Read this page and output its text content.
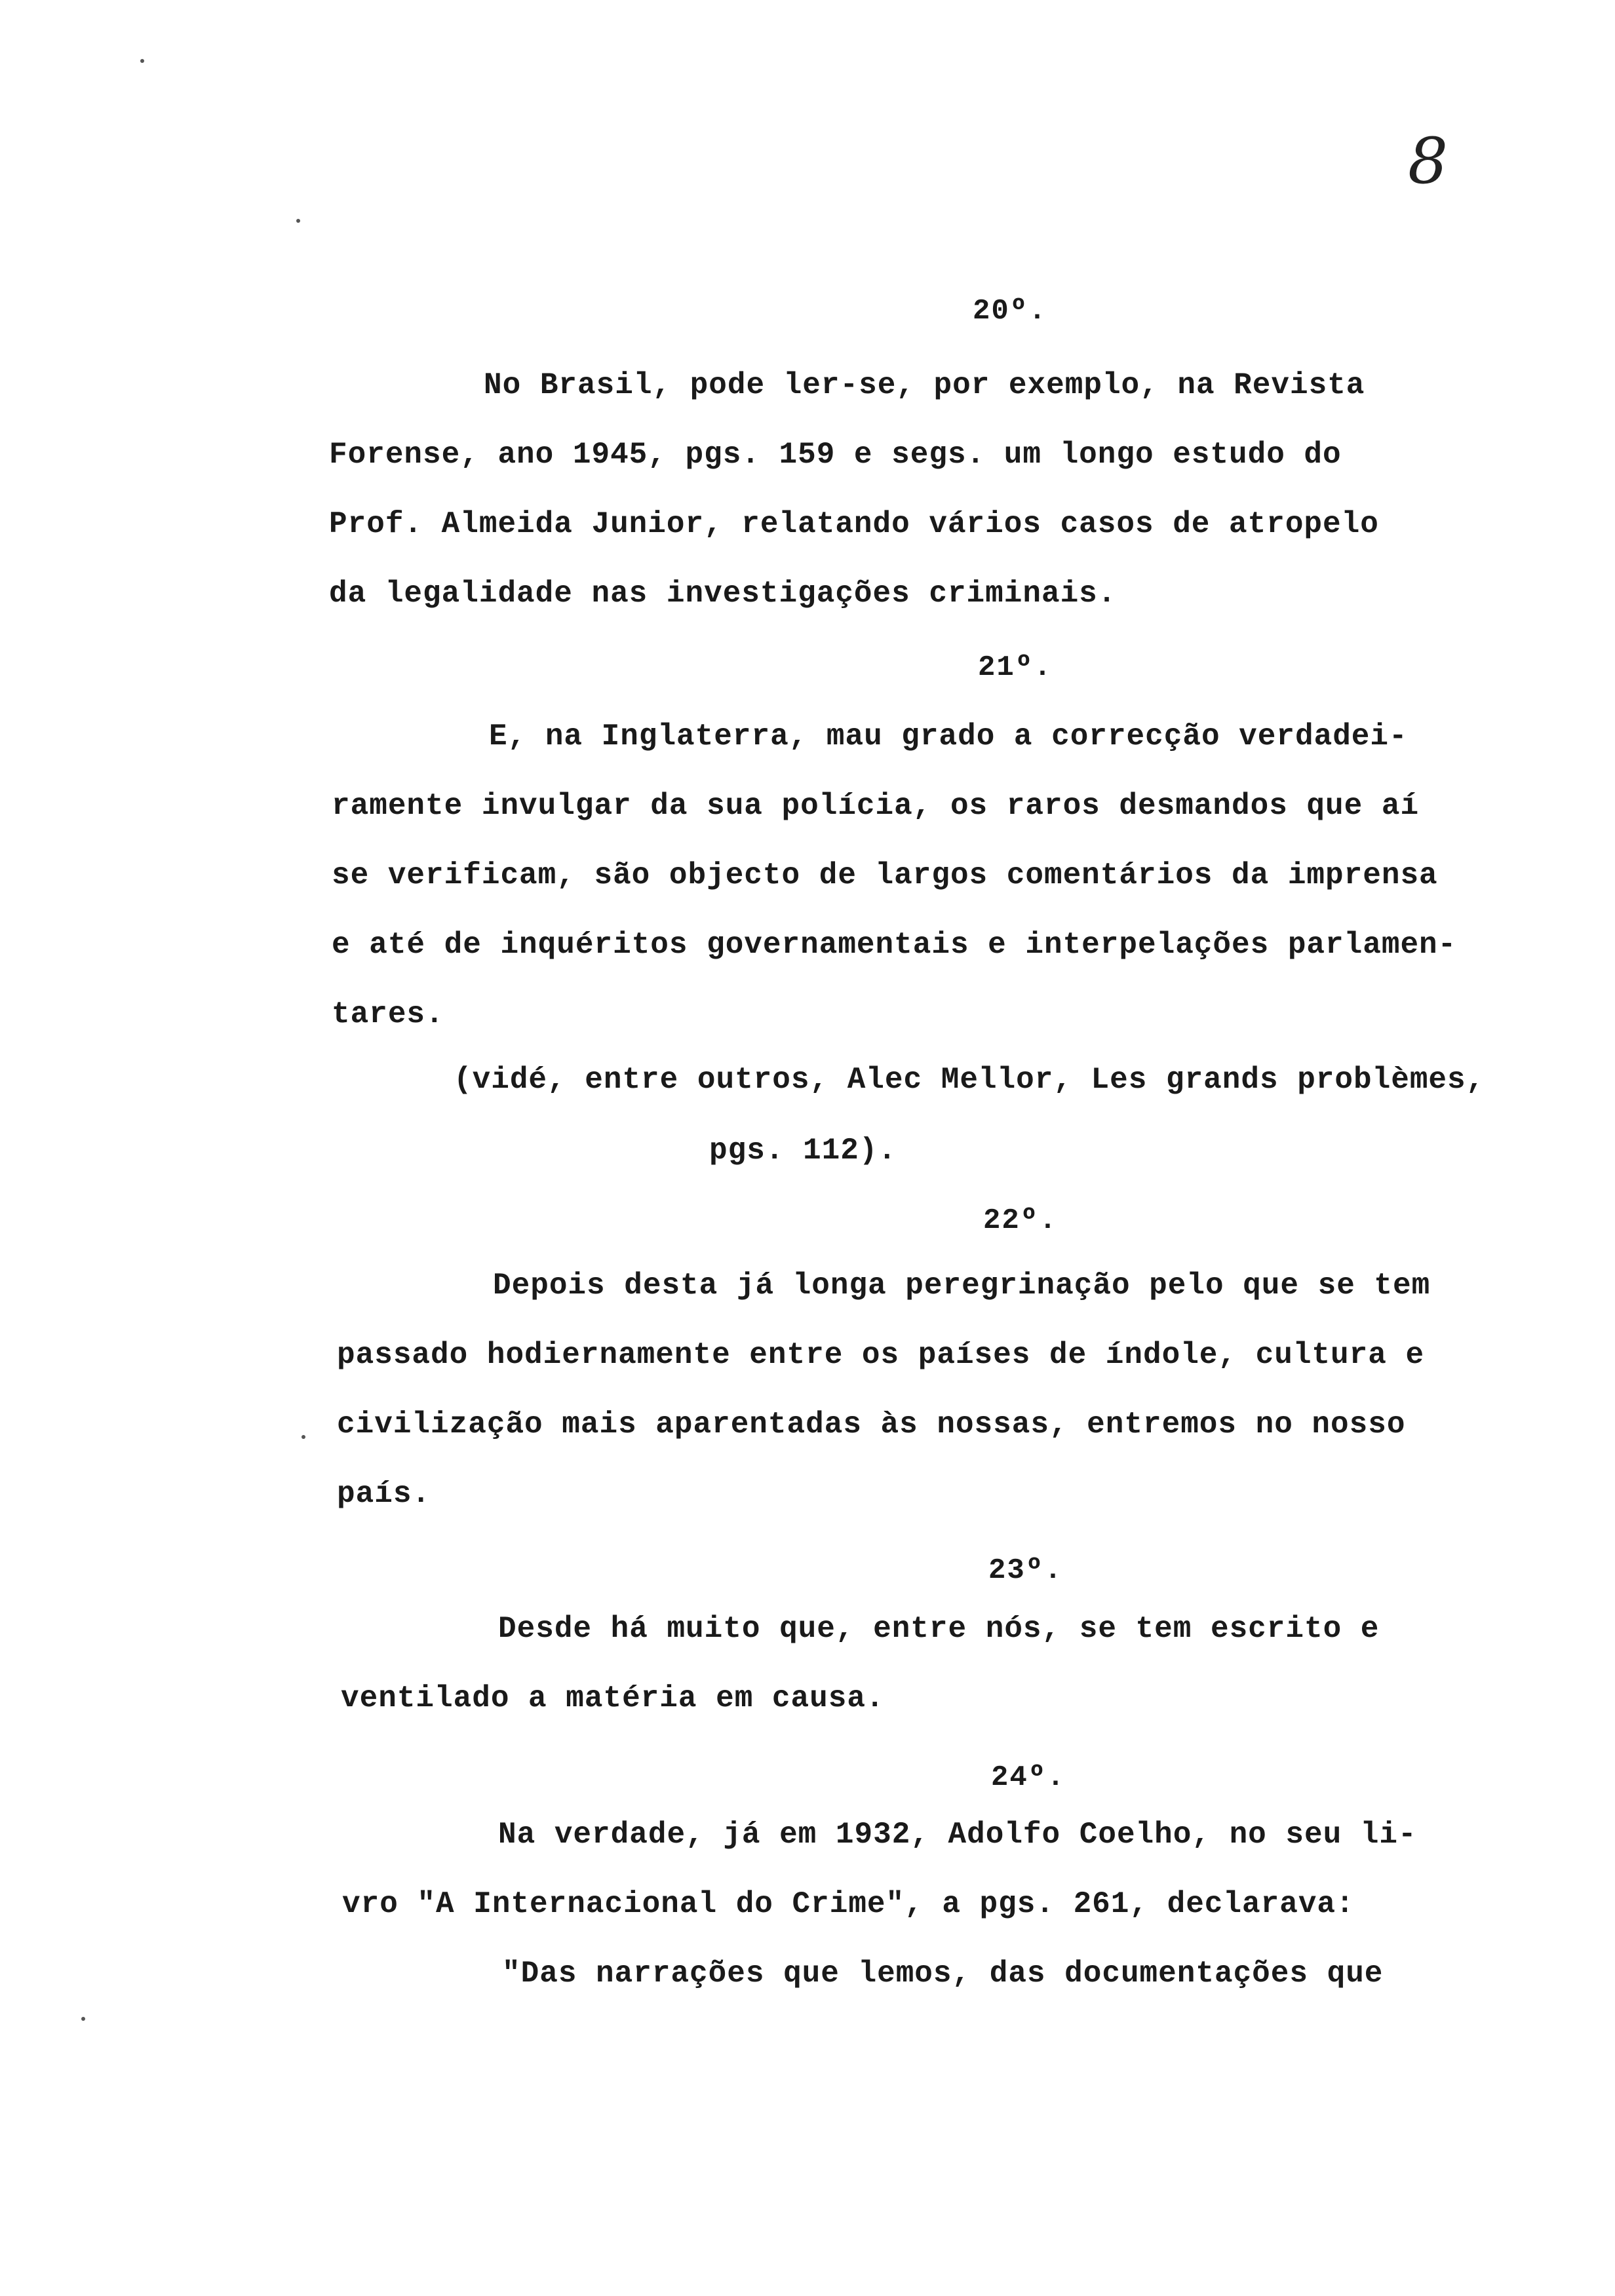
8
20º.
No Brasil, pode ler-se, por exemplo, na Revista
Forense, ano 1945, pgs. 159 e segs. um longo estudo do
Prof. Almeida Junior, relatando vários casos de atropelo
da legalidade nas investigações criminais.
21º.
E, na Inglaterra, mau grado a correcção verdadei-
ramente invulgar da sua polícia, os raros desmandos que aí
se verificam, são objecto de largos comentários da imprensa
e até de inquéritos governamentais e interpelações parlamen-
tares.
(vidé, entre outros, Alec Mellor, Les grands problèmes,
pgs. 112).
22º.
Depois desta já longa peregrinação pelo que se tem
passado hodiernamente entre os países de índole, cultura e
civilização mais aparentadas às nossas, entremos no nosso
país.
23º.
Desde há muito que, entre nós, se tem escrito e
ventilado a matéria em causa.
24º.
Na verdade, já em 1932, Adolfo Coelho, no seu li-
vro "A Internacional do Crime", a pgs. 261, declarava:
"Das narrações que lemos, das documentações que
